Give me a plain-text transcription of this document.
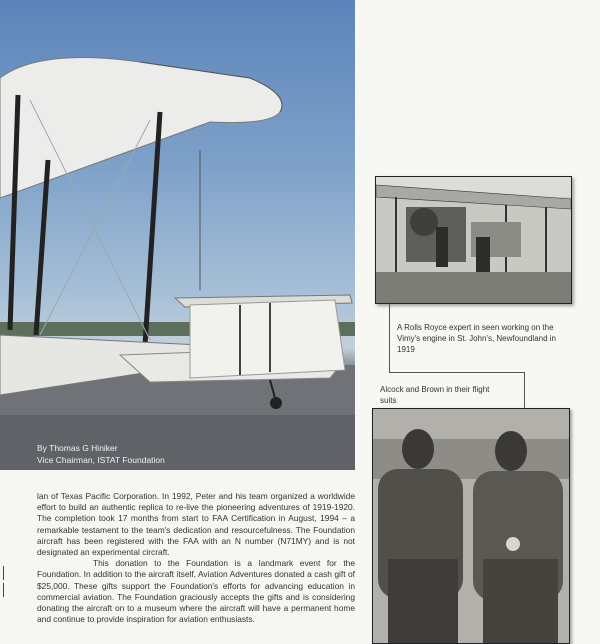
By Thomas G Hiniker
Vice Chairman, ISTAT Foundation
A Rolls Royce expert in seen working on the Vimy's engine in St. John's, Newfoundland in 1919
Alcock and Brown in their flight suits

lan of Texas Pacific Corporation. In 1992, Peter and his team organized a worldwide effort to build an authentic replica to re-live the pioneering adventures of 1919-1920. The completion took 17 months from start to FAA Certification in August, 1994 – a remarkable testament to the team's dedication and resourcefulness. The Foundation aircraft has been registered with the FAA with an N number (N71MY) and is not designated an experimental circraft.

This donation to the Foundation is a landmark event for the Foundation. In addition to the aircraft itself, Aviation Adventures donated a cash gift of $25,000. These gifts support the Foundation's efforts for advancing education in commercial aviation. The Foundation graciously accepts the gifts and is considering donating the aircraft on to a museum where the aircraft will have a permanent home and continue to provide inspiration for aviation enthusiasts.
